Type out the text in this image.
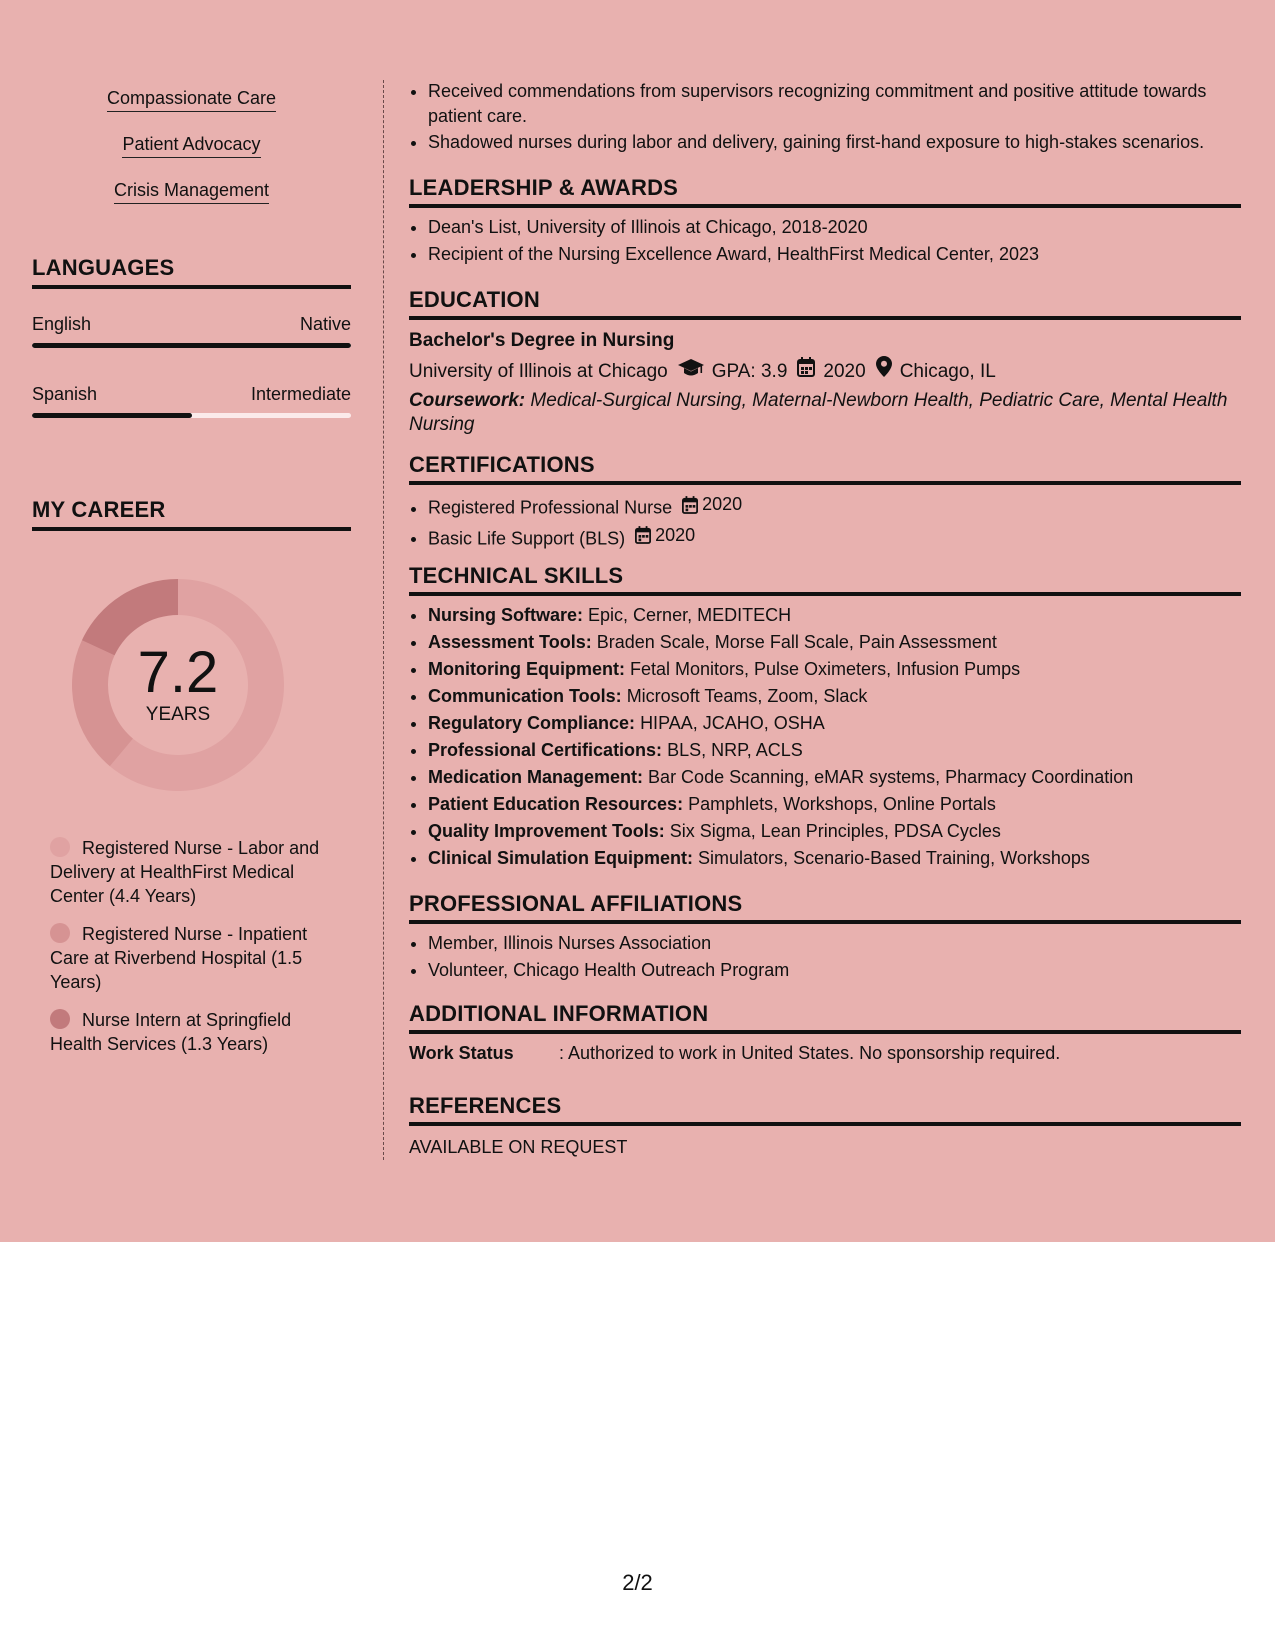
Compassionate Care
Patient Advocacy
Crisis Management
LANGUAGES
English	Native
Spanish	Intermediate
MY CAREER
7.2
YEARS
Registered Nurse - Labor and Delivery at HealthFirst Medical Center (4.4 Years)
Registered Nurse - Inpatient Care at Riverbend Hospital (1.5 Years)
Nurse Intern at Springfield Health Services (1.3 Years)
• Received commendations from supervisors recognizing commitment and positive attitude towards patient care.
• Shadowed nurses during labor and delivery, gaining first-hand exposure to high-stakes scenarios.
LEADERSHIP & AWARDS
• Dean's List, University of Illinois at Chicago, 2018-2020
• Recipient of the Nursing Excellence Award, HealthFirst Medical Center, 2023
EDUCATION
Bachelor's Degree in Nursing
University of Illinois at Chicago GPA: 3.9 2020 Chicago, IL
Coursework: Medical-Surgical Nursing, Maternal-Newborn Health, Pediatric Care, Mental Health Nursing
CERTIFICATIONS
• Registered Professional Nurse 2020
• Basic Life Support (BLS) 2020
TECHNICAL SKILLS
• Nursing Software: Epic, Cerner, MEDITECH
• Assessment Tools: Braden Scale, Morse Fall Scale, Pain Assessment
• Monitoring Equipment: Fetal Monitors, Pulse Oximeters, Infusion Pumps
• Communication Tools: Microsoft Teams, Zoom, Slack
• Regulatory Compliance: HIPAA, JCAHO, OSHA
• Professional Certifications: BLS, NRP, ACLS
• Medication Management: Bar Code Scanning, eMAR systems, Pharmacy Coordination
• Patient Education Resources: Pamphlets, Workshops, Online Portals
• Quality Improvement Tools: Six Sigma, Lean Principles, PDSA Cycles
• Clinical Simulation Equipment: Simulators, Scenario-Based Training, Workshops
PROFESSIONAL AFFILIATIONS
• Member, Illinois Nurses Association
• Volunteer, Chicago Health Outreach Program
ADDITIONAL INFORMATION
Work Status	: Authorized to work in United States. No sponsorship required.
REFERENCES
AVAILABLE ON REQUEST
2/2
